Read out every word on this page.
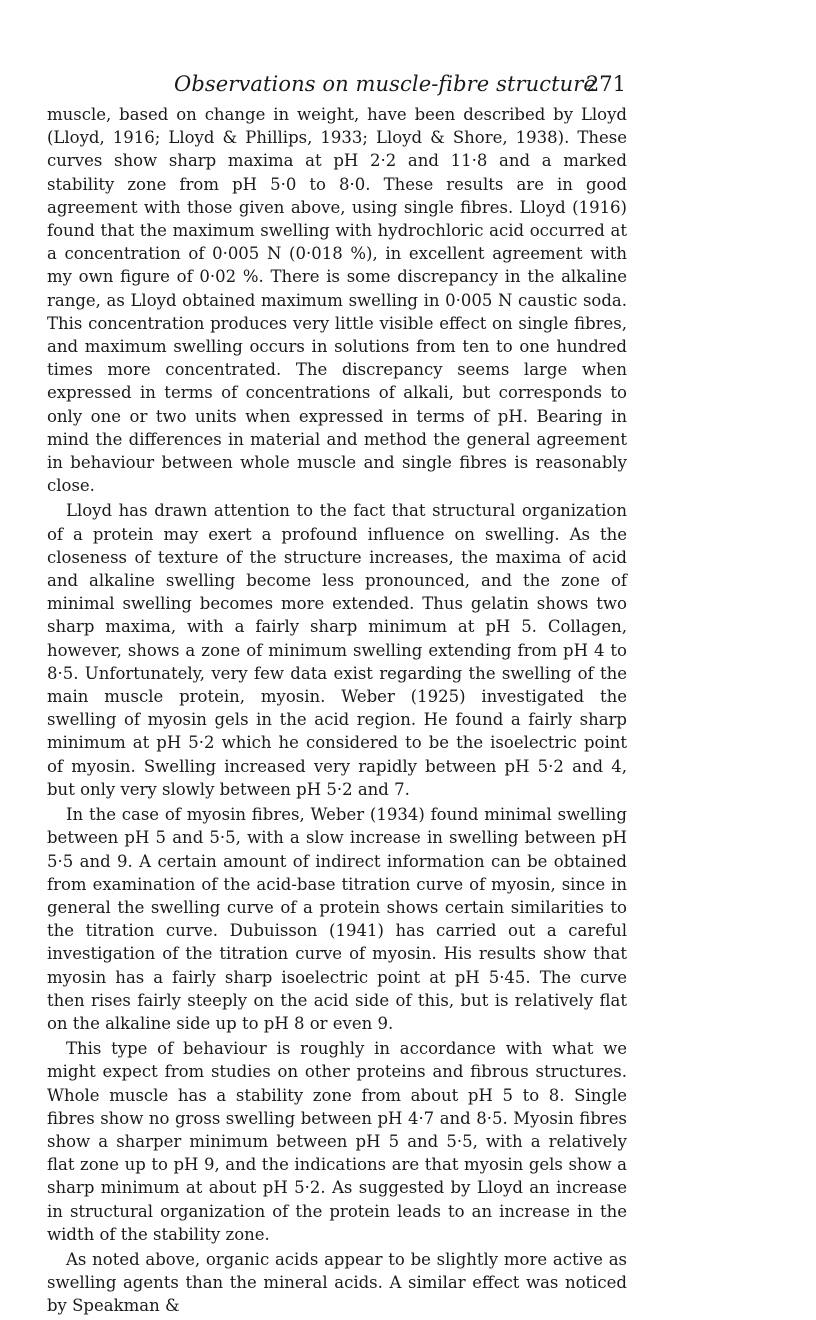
Observations on muscle-fibre structure
271

muscle, based on change in weight, have been described by Lloyd (Lloyd, 1916; Lloyd & Phillips, 1933; Lloyd & Shore, 1938). These curves show sharp maxima at pH 2·2 and 11·8 and a marked stability zone from pH 5·0 to 8·0. These results are in good agreement with those given above, using single fibres. Lloyd (1916) found that the maximum swelling with hydrochloric acid occurred at a concentration of 0·005 N (0·018 %), in excellent agreement with my own figure of 0·02 %. There is some discrepancy in the alkaline range, as Lloyd obtained maximum swelling in 0·005 N caustic soda. This concentration produces very little visible effect on single fibres, and maximum swelling occurs in solutions from ten to one hundred times more concentrated. The discrepancy seems large when expressed in terms of concentrations of alkali, but corresponds to only one or two units when expressed in terms of pH. Bearing in mind the differences in material and method the general agreement in behaviour between whole muscle and single fibres is reasonably close.

Lloyd has drawn attention to the fact that structural organization of a protein may exert a profound influence on swelling. As the closeness of texture of the structure increases, the maxima of acid and alkaline swelling become less pronounced, and the zone of minimal swelling becomes more extended. Thus gelatin shows two sharp maxima, with a fairly sharp minimum at pH 5. Collagen, however, shows a zone of minimum swelling extending from pH 4 to 8·5. Unfortunately, very few data exist regarding the swelling of the main muscle protein, myosin. Weber (1925) investigated the swelling of myosin gels in the acid region. He found a fairly sharp minimum at pH 5·2 which he considered to be the isoelectric point of myosin. Swelling increased very rapidly between pH 5·2 and 4, but only very slowly between pH 5·2 and 7.

In the case of myosin fibres, Weber (1934) found minimal swelling between pH 5 and 5·5, with a slow increase in swelling between pH 5·5 and 9. A certain amount of indirect information can be obtained from examination of the acid-base titration curve of myosin, since in general the swelling curve of a protein shows certain similarities to the titration curve. Dubuisson (1941) has carried out a careful investigation of the titration curve of myosin. His results show that myosin has a fairly sharp isoelectric point at pH 5·45. The curve then rises fairly steeply on the acid side of this, but is relatively flat on the alkaline side up to pH 8 or even 9.

This type of behaviour is roughly in accordance with what we might expect from studies on other proteins and fibrous structures. Whole muscle has a stability zone from about pH 5 to 8. Single fibres show no gross swelling between pH 4·7 and 8·5. Myosin fibres show a sharper minimum between pH 5 and 5·5, with a relatively flat zone up to pH 9, and the indications are that myosin gels show a sharp minimum at about pH 5·2. As suggested by Lloyd an increase in structural organization of the protein leads to an increase in the width of the stability zone.

As noted above, organic acids appear to be slightly more active as swelling agents than the mineral acids. A similar effect was noticed by Speakman &
